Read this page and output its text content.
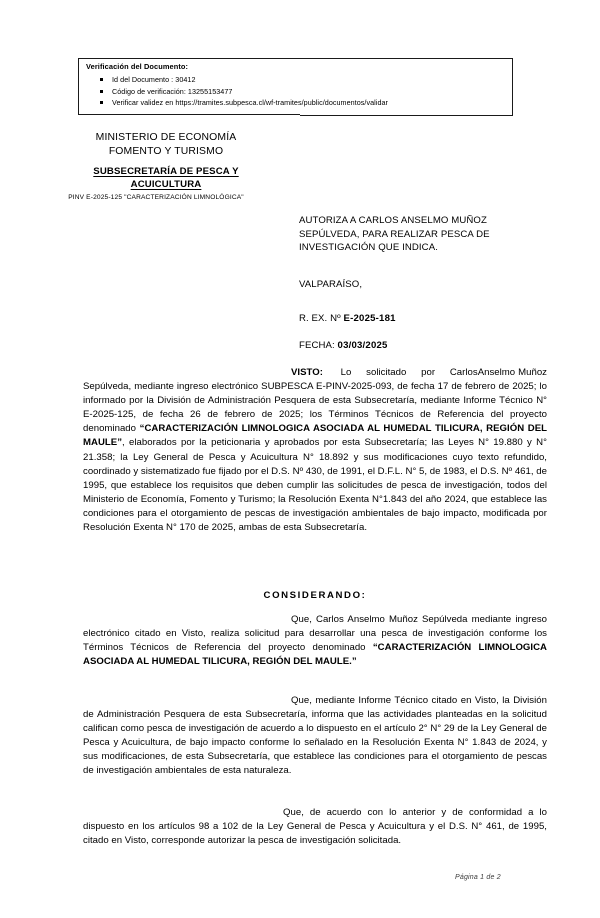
Verificación del Documento:
Id del Documento : 30412
Código de verificación: 13255153477
Verificar validez en https://tramites.subpesca.cl/wf-tramites/public/documentos/validar
MINISTERIO DE ECONOMÍA
FOMENTO Y TURISMO
SUBSECRETARÍA DE PESCA Y
ACUICULTURA
PINV E-2025-125 "CARACTERIZACIÓN LIMNOLÓGICA"
AUTORIZA A CARLOS ANSELMO MUÑOZ SEPÚLVEDA, PARA REALIZAR PESCA DE INVESTIGACIÓN QUE INDICA.
VALPARAÍSO,
R. EX. Nº E-2025-181
FECHA: 03/03/2025

VISTO:      Lo     solicitado     por     CarlosAnselmo Muñoz Sepúlveda, mediante ingreso electrónico SUBPESCA E-PINV-2025-093, de fecha 17 de febrero de 2025; lo informado por la División de Administración Pesquera de esta Subsecretaría, mediante Informe Técnico N° E-2025-125, de fecha 26 de febrero de 2025; los Términos Técnicos de Referencia del proyecto denominado “CARACTERIZACIÓN LIMNOLOGICA ASOCIADA AL HUMEDAL TILICURA, REGIÓN DEL MAULE”, elaborados por la peticionaria y aprobados por esta Subsecretaría; las Leyes N° 19.880 y N° 21.358; la Ley General de Pesca y Acuicultura N° 18.892 y sus modificaciones cuyo texto refundido, coordinado y sistematizado fue fijado por el D.S. Nº 430, de 1991, el D.F.L. N° 5, de 1983, el D.S. Nº 461, de 1995, que establece los requisitos que deben cumplir las solicitudes de pesca de investigación, todos del Ministerio de Economía, Fomento y Turismo; la Resolución Exenta N°1.843 del año 2024, que establece las condiciones para el otorgamiento de pescas de investigación ambientales de bajo impacto, modificada por Resolución Exenta N° 170 de 2025, ambas de esta Subsecretaría.

CONSIDERANDO:

Que, Carlos Anselmo Muñoz Sepúlveda mediante ingreso electrónico citado en Visto, realiza solicitud para desarrollar una pesca de investigación conforme los Términos Técnicos de Referencia del proyecto denominado “CARACTERIZACIÓN LIMNOLOGICA ASOCIADA AL HUMEDAL TILICURA, REGIÓN DEL MAULE.”

Que, mediante Informe Técnico citado en Visto, la División de Administración Pesquera de esta Subsecretaría, informa que las actividades planteadas en la solicitud califican como pesca de investigación de acuerdo a lo dispuesto en el artículo 2° N° 29 de la Ley General de Pesca y Acuicultura, de bajo impacto conforme lo señalado en la Resolución Exenta N° 1.843 de 2024, y sus modificaciones, de esta Subsecretaría, que establece las condiciones para el otorgamiento de pescas de investigación ambientales de esta naturaleza.

Que, de acuerdo con lo anterior y de conformidad a lo dispuesto en los artículos 98 a 102 de la Ley General de Pesca y Acuicultura y el D.S. N° 461, de 1995, citado en Visto, corresponde autorizar la pesca de investigación solicitada.

Página 1 de 2
